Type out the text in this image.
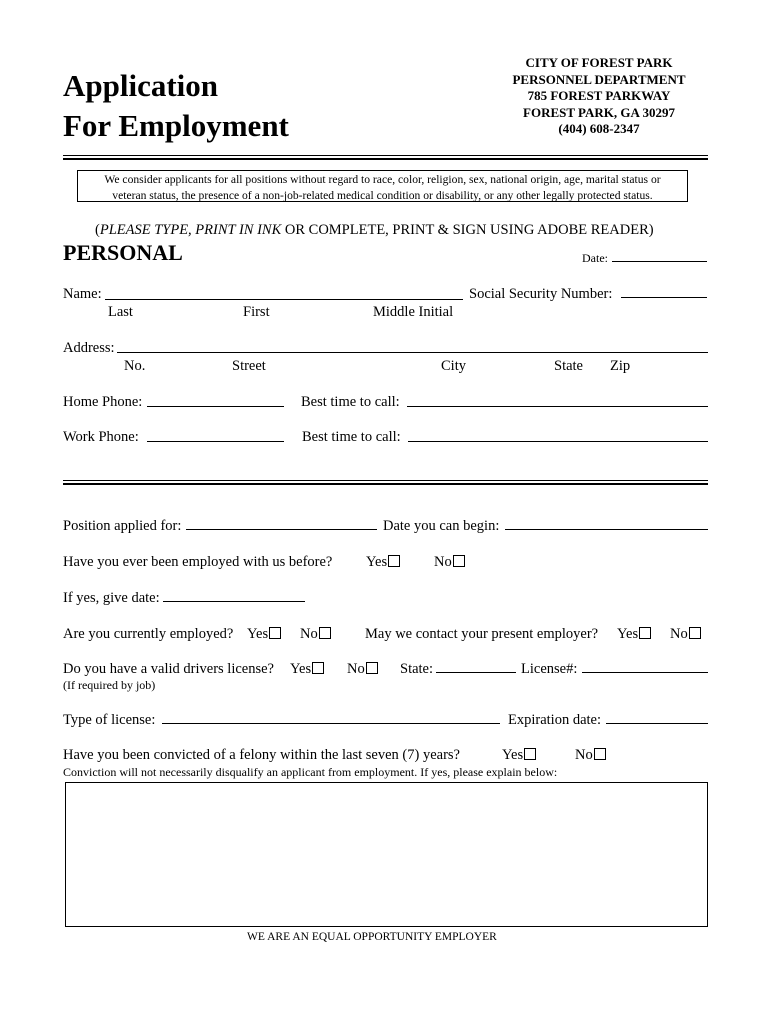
Application
For Employment
CITY OF FOREST PARK
PERSONNEL DEPARTMENT
785 FOREST PARKWAY
FOREST PARK, GA 30297
(404) 608-2347
We consider applicants for all positions without regard to race, color, religion, sex, national origin, age, marital status or
veteran status, the presence of a non-job-related medical condition or disability, or any other legally protected status.
(PLEASE TYPE, PRINT IN INK OR COMPLETE, PRINT & SIGN USING ADOBE READER)
PERSONAL	Date:
Name:	Social Security Number:
Last	First	Middle Initial
Address:
No.	Street	City	State Zip
Home Phone:	Best time to call:
Work Phone:	Best time to call:
Position applied for:	Date you can begin:
Have you ever been employed with us before? Yes	No
If yes, give date:
Are you currently employed? Yes	No	May we contact your present employer? Yes	No
Do you have a valid drivers license? Yes	No	State:	License#:
(If required by job)
Type of license:	Expiration date:
Have you been convicted of a felony within the last seven (7) years?	Yes	No
Conviction will not necessarily disqualify an applicant from employment. If yes, please explain below:
WE ARE AN EQUAL OPPORTUNITY EMPLOYER
